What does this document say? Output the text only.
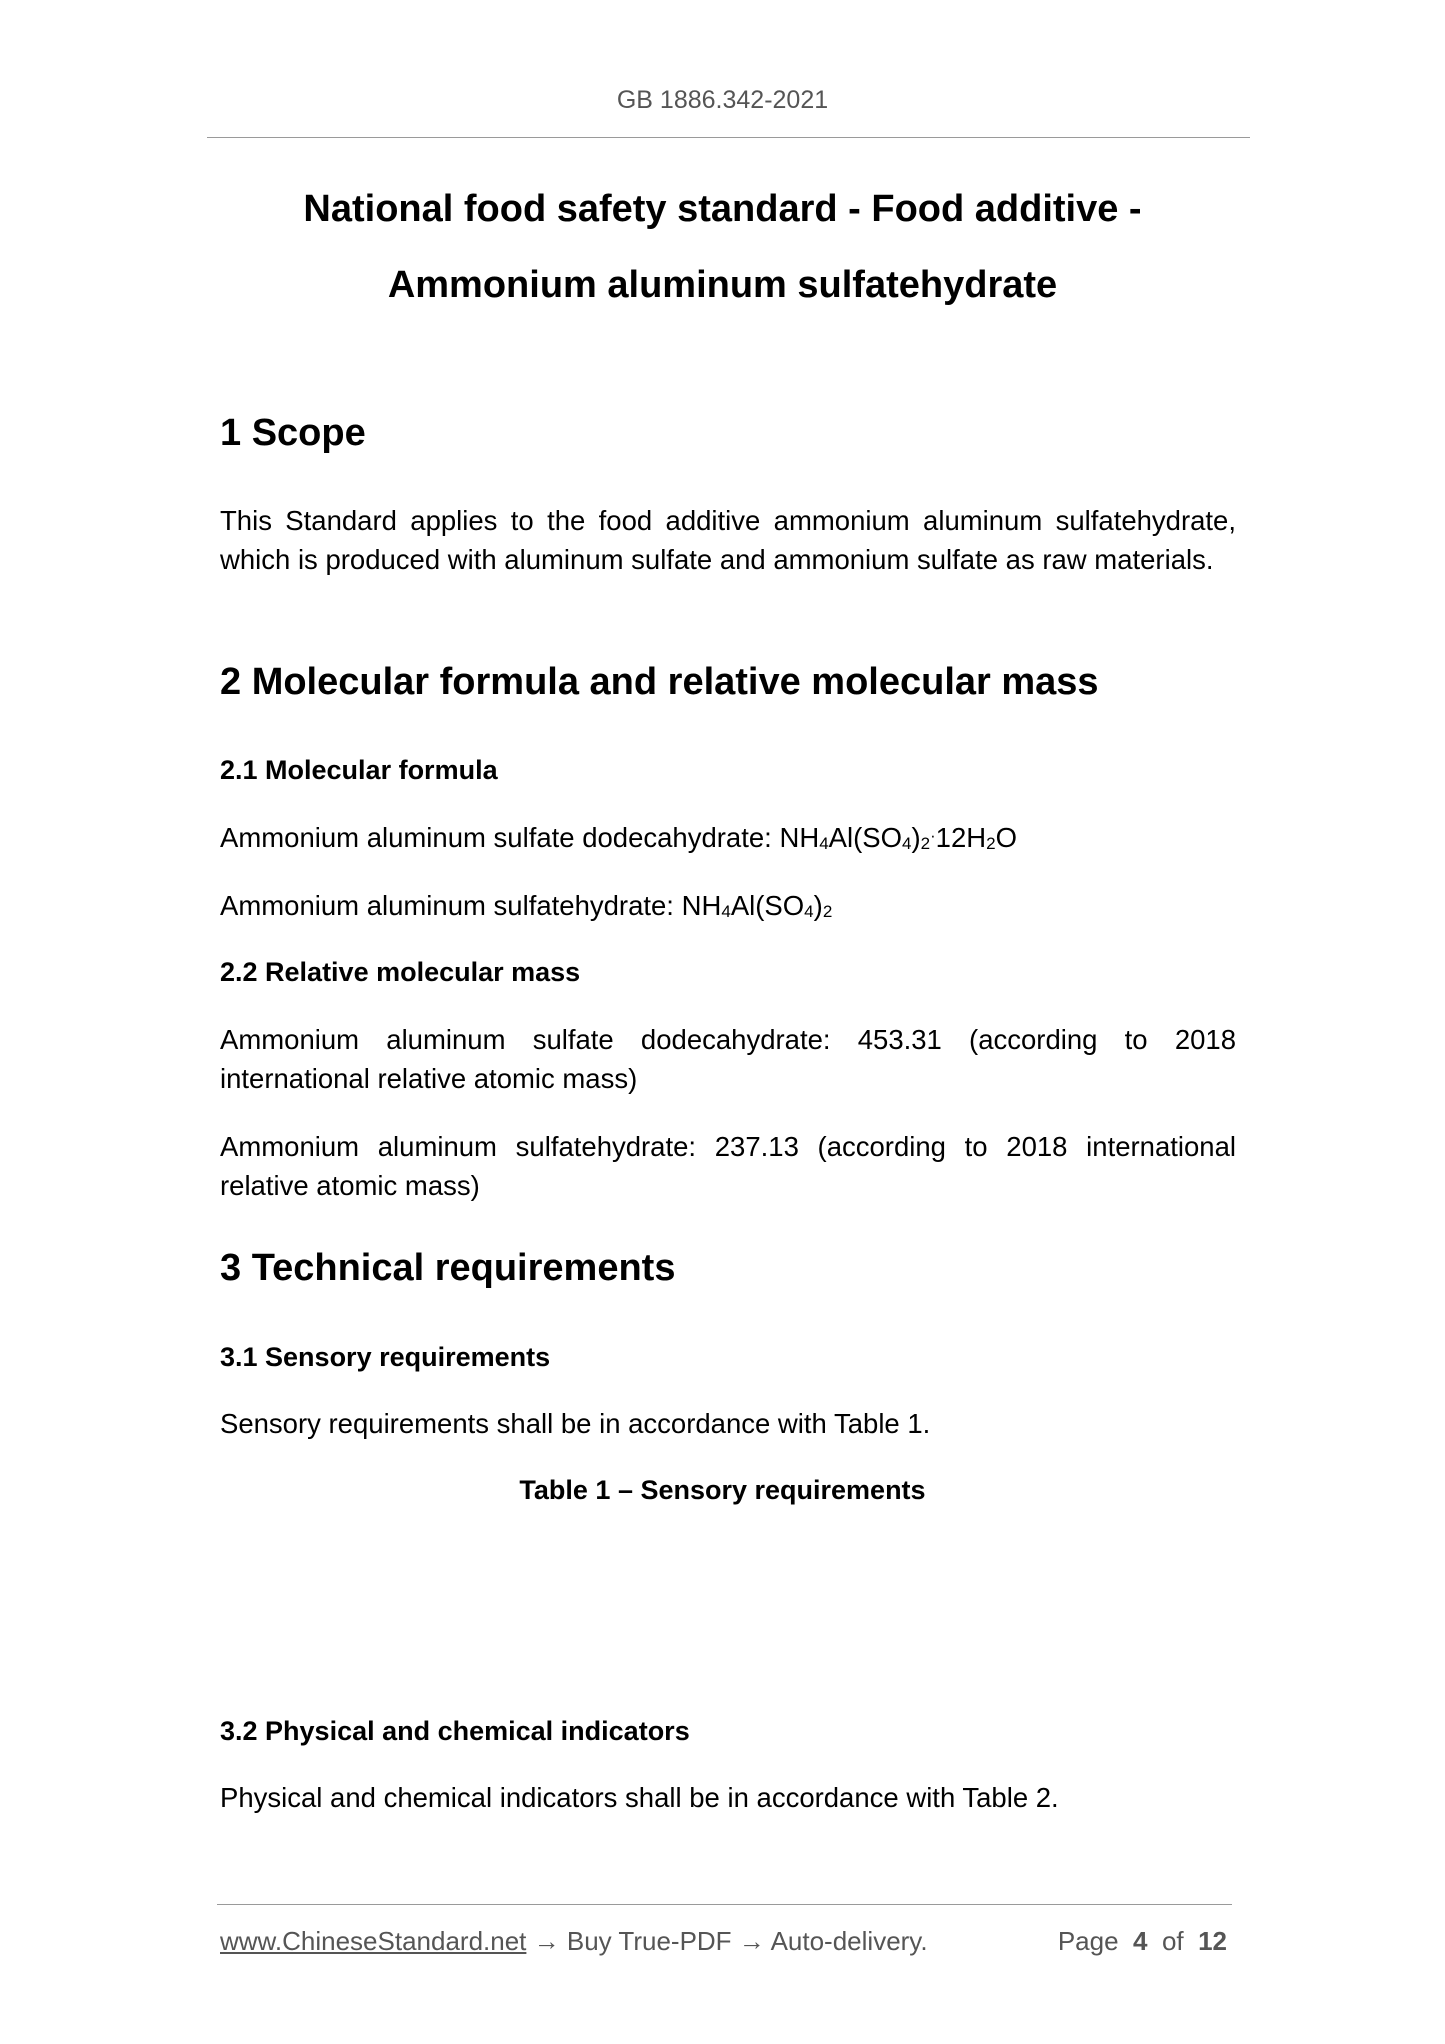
GB 1886.342-2021
National food safety standard - Food additive -
Ammonium aluminum sulfatehydrate
1 Scope
This Standard applies to the food additive ammonium aluminum sulfatehydrate, which is produced with aluminum sulfate and ammonium sulfate as raw materials.
2 Molecular formula and relative molecular mass
2.1 Molecular formula
Ammonium aluminum sulfate dodecahydrate: $NH_4Al(SO_4)_2^\cdot 12H_2O$
Ammonium aluminum sulfatehydrate: $NH_4Al(SO_4)_2$
2.2 Relative molecular mass
Ammonium aluminum sulfate dodecahydrate: 453.31 (according to 2018 international relative atomic mass)
Ammonium aluminum sulfatehydrate: 237.13 (according to 2018 international relative atomic mass)
3 Technical requirements
3.1 Sensory requirements
Sensory requirements shall be in accordance with Table 1.
Table 1 – Sensory requirements
3.2 Physical and chemical indicators
Physical and chemical indicators shall be in accordance with Table 2.
www.ChineseStandard.net → Buy True-PDF → Auto-delivery.	Page 4 of 12
